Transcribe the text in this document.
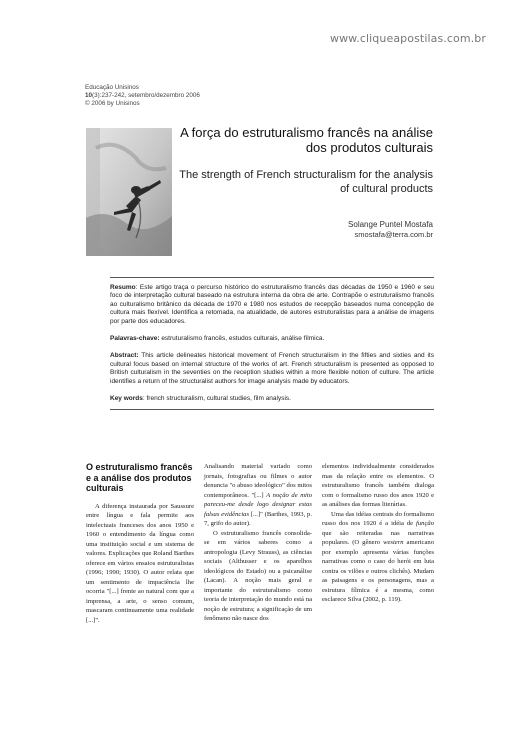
www.cliqueapostilas.com.br
Educação Unisinos
10(3):237-242, setembro/dezembro 2006
© 2006 by Unisinos
A força do estruturalismo francês na análise dos produtos culturais
The strength of French structuralism for the analysis of cultural products
Solange Puntel Mostafa
smostafa@terra.com.br

Resumo: Este artigo traça o percurso histórico do estruturalismo francês das décadas de 1950 e 1960 e seu foco de interpretação cultural baseado na estrutura interna da obra de arte. Contrapõe o estruturalismo francês ao culturalismo britânico da década de 1970 e 1980 nos estudos de recepção baseados numa concepção de cultura mais flexível. Identifica a retomada, na atualidade, de autores estruturalistas para a análise de imagens por parte dos educadores.

Palavras-chave: estruturalismo francês, estudos culturais, análise fílmica.

Abstract: This article delineates historical movement of French structuralism in the fifties and sixties and its cultural focus based on internal structure of the works of art. French structuralism is presented as opposed to British culturalism in the seventies on the reception studies within a more flexible notion of culture. The article identifies a return of the structuralist authors for image analysis made by educators.

Key words: french structuralism, cultural studies, film analysis.

O estruturalismo francês e a análise dos produtos culturais

A diferença instaurada por Saussure entre língua e fala permite aos intelectuais franceses dos anos 1950 e 1960 o entendimento da língua como uma instituição social e um sistema de valores. Explicações que Roland Barthes oferece em vários ensaios estruturalistas (1996; 1990; 1930). O autor relata que um sentimento de impaciência lhe ocorria "[...] frente ao natural com que a imprensa, a arte, o senso comum, mascaram continuamente uma realidade [...]".

Analisando material variado como jornais, fotografias ou filmes o autor denuncia "o abuso ideológico" dos mitos contemporâneos. "[...] A noção de mito pareceu-me desde logo designar estas falsas evidências [...]" (Barthes, 1993, p. 7, grifo do autor).

O estruturalismo francês consolida-se em vários saberes como a antropologia (Levy Strauss), as ciências sociais (Althusser e os aparelhos ideológicos do Estado) ou a psicanálise (Lacan). A noção mais geral e importante do estruturalismo como teoria de interpretação do mundo está na noção de estrutura; a significação de um fenômeno não nasce dos

elementos individualmente considerados mas da relação entre os elementos. O estruturalismo francês também dialoga com o formalismo russo dos anos 1920 e as análises das formas literárias.

Uma das idéias centrais do formalismo russo dos nos 1920 é a idéia de função que são reiteradas nas narrativas populares. (O gênero western americano por exemplo apresenta várias funções narrativas como o caso do herói em luta contra os vilões e outros clichês). Mudam as paisagens e os personagens, mas a estrutura fílmica é a mesma, como esclarece Silva (2002, p. 119).
